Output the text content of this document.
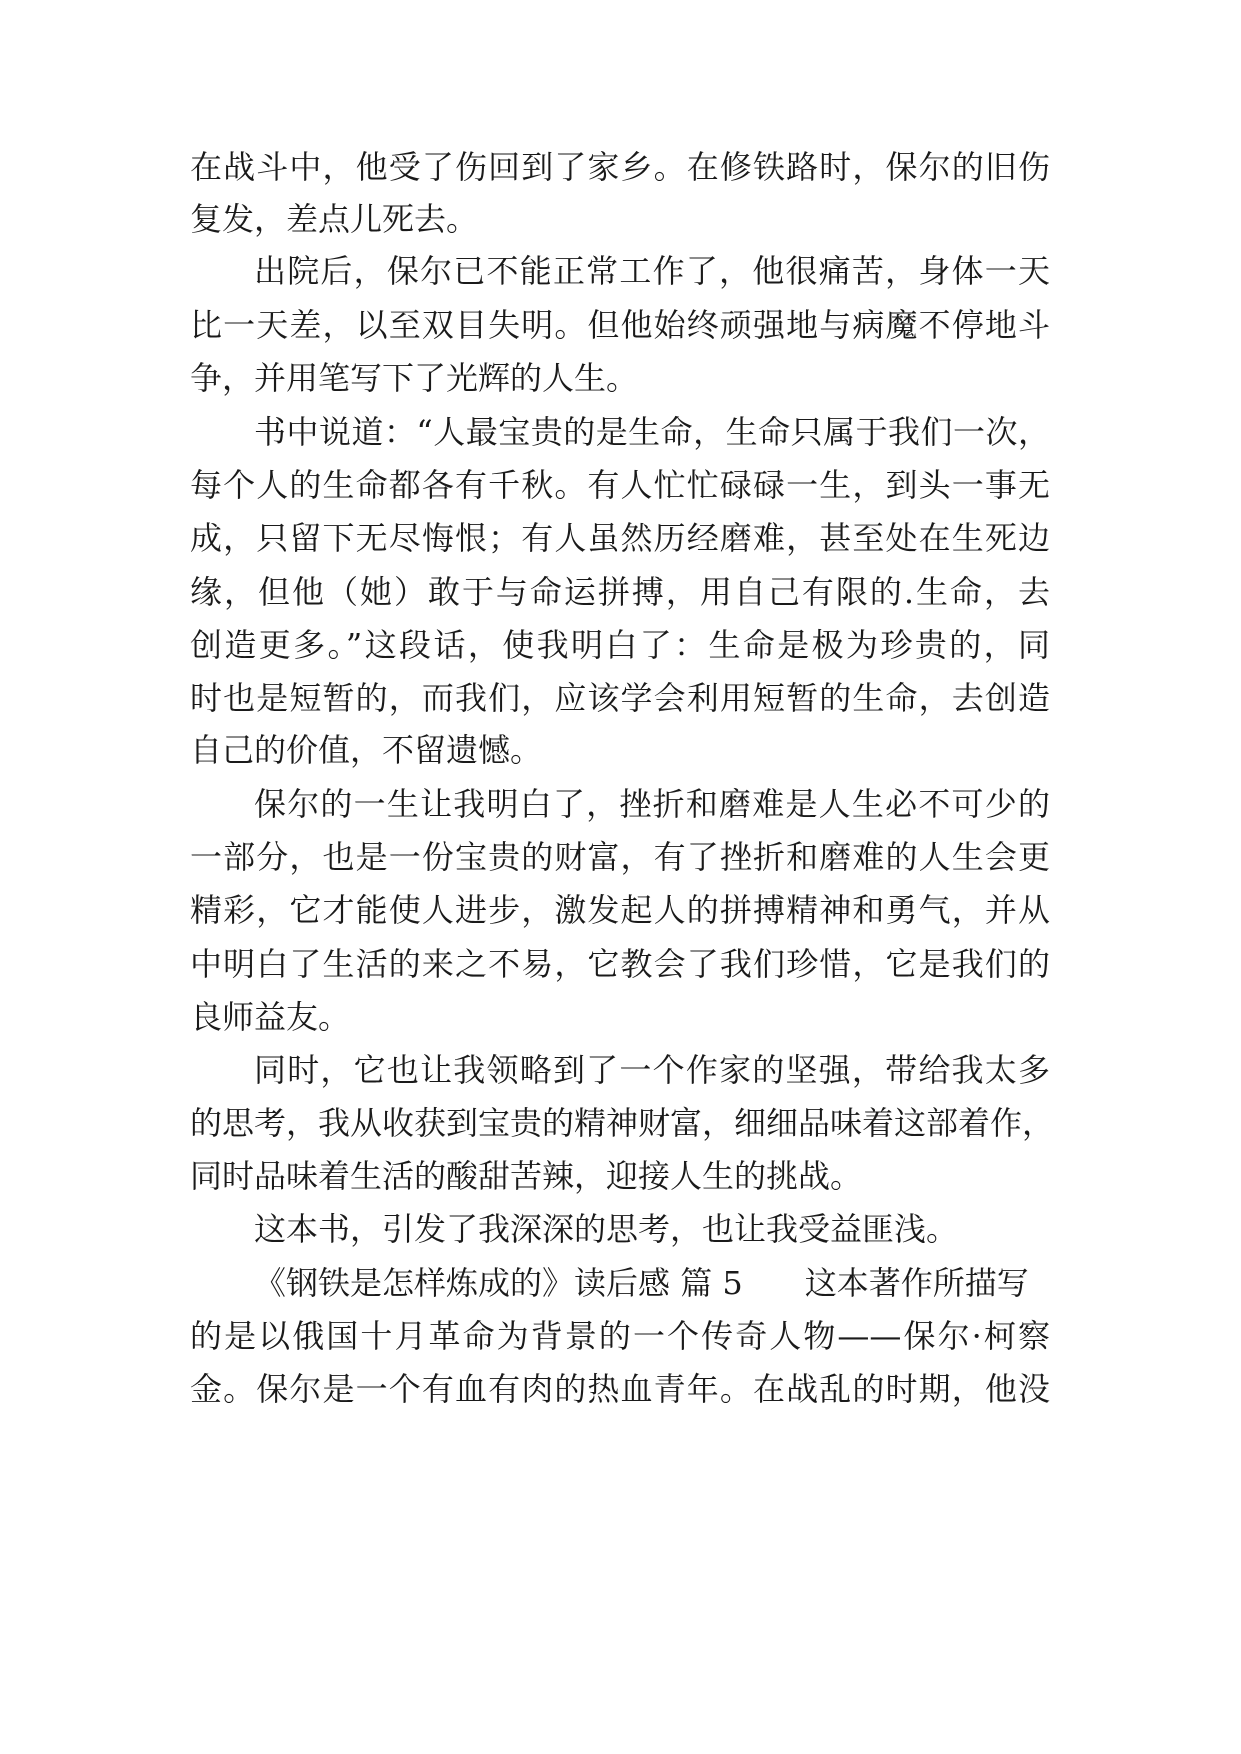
在战斗中，他受了伤回到了家乡。在修铁路时，保尔的旧伤
复发，差点儿死去。
出院后，保尔已不能正常工作了，他很痛苦，身体一天
比一天差，以至双目失明。但他始终顽强地与病魔不停地斗
争，并用笔写下了光辉的人生。
书中说道：“人最宝贵的是生命，生命只属于我们一次，
每个人的生命都各有千秋。有人忙忙碌碌一生，到头一事无
成，只留下无尽悔恨；有人虽然历经磨难，甚至处在生死边
缘，但他（她）敢于与命运拼搏，用自己有限的.生命，去
创造更多。”这段话，使我明白了：生命是极为珍贵的，同
时也是短暂的，而我们，应该学会利用短暂的生命，去创造
自己的价值，不留遗憾。
保尔的一生让我明白了，挫折和磨难是人生必不可少的
一部分，也是一份宝贵的财富，有了挫折和磨难的人生会更
精彩，它才能使人进步，激发起人的拼搏精神和勇气，并从
中明白了生活的来之不易，它教会了我们珍惜，它是我们的
良师益友。
同时，它也让我领略到了一个作家的坚强，带给我太多
的思考，我从收获到宝贵的精神财富，细细品味着这部着作，
同时品味着生活的酸甜苦辣，迎接人生的挑战。
这本书，引发了我深深的思考，也让我受益匪浅。
《钢铁是怎样炼成的》读后感 篇 5 这本著作所描写
的是以俄国十月革命为背景的一个传奇人物——保尔·柯察
金。保尔是一个有血有肉的热血青年。在战乱的时期，他没
